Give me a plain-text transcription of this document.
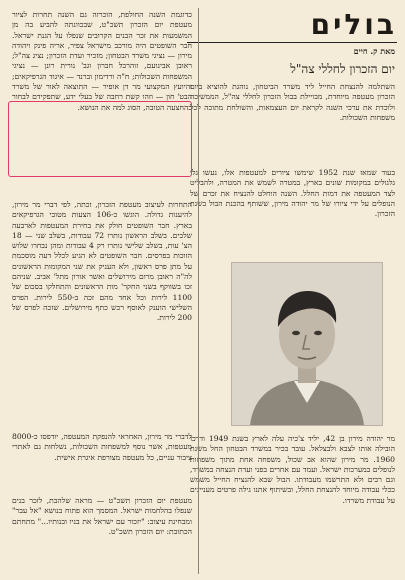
בולים
מאת ק. חיים
יום הזכרון לחללי צה"ל

השתלמה להנצחת החייל ליד משרד הביטחון, נוהגת להוציא ביום הזכרון מעטפה מיוחדת, מבויילת בבול הזכרון לחללי צה"ל, הממשיכה ולוכדת את ערכי השנה לקראת יום העצמאות, והשולחת מתוכה לכל משפחות השכולות.

בעוד שמאז שנת 1952 שימשו ציורים למעטפות אלו, נעשו גלי גלגולים במקומות שונים בארץ, במטרה לשמש את המטרה, ולהבליט לצד המעטפה את דמות החלל. השנה הוחלט להנציח את זכרם של הנופלים על ידי ציורו של מר יהודה מירון, ששותף בהכנת הבול בשנת הזכרון.

מר יהודה מירון בן 42, יליד צ'כיה עלה לארץ בשנת 1949 ודרכו הובילה אותו לצבא ולבצלאל. עובד בכיר במשרד הבטחון החל משנת 1960. מר מירון שהוא אב שכול, משפחה אחת מתוך משפחות לנופלים במערכות ישראל. ועמד עם אחרים בפני ועדת הנצחה במשרד, וגם רבים ולא התרשמו מעבודתו. הבול שבא להנציח החייל משמש ככלי עבודה מיוחד להנצחת החלל, ובשיתוף אתנו גילה פרטים מעניינים על עבודת משרדו.

כדוגמת השנה החולפת, הוכרזה גם השנה תחרות לציור מעטפת יום הזכרון תשכ"ט, שבכוונתה להביע בה מן המשמעות את זכר הבנים הקרובים שנפלו על הגנת ישראל. חבר השופטים היה מורכב מישראל צפיר, אריה פינק ויהודה מירון — נציגי משרד הבטחון; מזכיר ועדת הזכרון; נציג צה"ל; ראובן אבינועם, זוהרבל חברון וגב' נורית רונן — נציגי המשפחות השכולות; ח"ה ורדימון וברנד — איגוד הגרפיקאים; והיועץ המקצועי מר דן אופיר — התוצאה לאור של משרד הבט' חון — וזהו קשת רחבה של בעלי ידע, שתפקידם לבחור בהחצעה הטובה, הסוג למה את הנושא.

התחרות לעיצוב מעטפת הזכרון, זכתה, לפי דברי מר מירון, להיענות גדולה. הוגשו כ-106 הצעות מטובי הגרפיקאים בארץ. חבר השופטים חולק את בחירת המעטפות לארבעה שלבים. בשלב הראשון נותרו 72 עבודות, בשלב שני — 18 הצ' עות, בשלב שלישי נותרו רק 4 עבודות ומהן נבחרו שלוש הזוכות בפרסים. חבר השופטים לא הגיע לכלל דעה מוסכמת על מתן פרס ראשון, ולא העניק את שני המקומות הראשונים לה"ה ראובן מרום מירושלים ואשר אורון מתל' אביב. שניהם זכו בשווקף בשני החקר' מות הראשונים והתחלקו בסכום של 1100 לירות וכל אחד מהם זכה ב-550 לירות. הפרס השלישי הוענק לאוסף רכש כתף מירושלים. שזכה לפרס של 200 לירות.

לדברי מר מירון, האחראי להנפקת המעטפה, יודפסו כ-8000 מעטפות, אשר נוסף למשפחות השכולות, נשלחות גם לאתרי ציבור עניים, כל מעטפה מצורפת איגרת אישית.

מעטפת יום הזכרון תשכ"ט — מראה שלהבת, לזכר בנים שנפלו בהלחמות ישראל. המסמך הוא פתוח בנושא "אל עבר" ומבחינת עיצוב: "יזכור עם ישראל את בניו ובנותיו..." מתחתם הכתובת: יום הזכרון תשכ"ט.
